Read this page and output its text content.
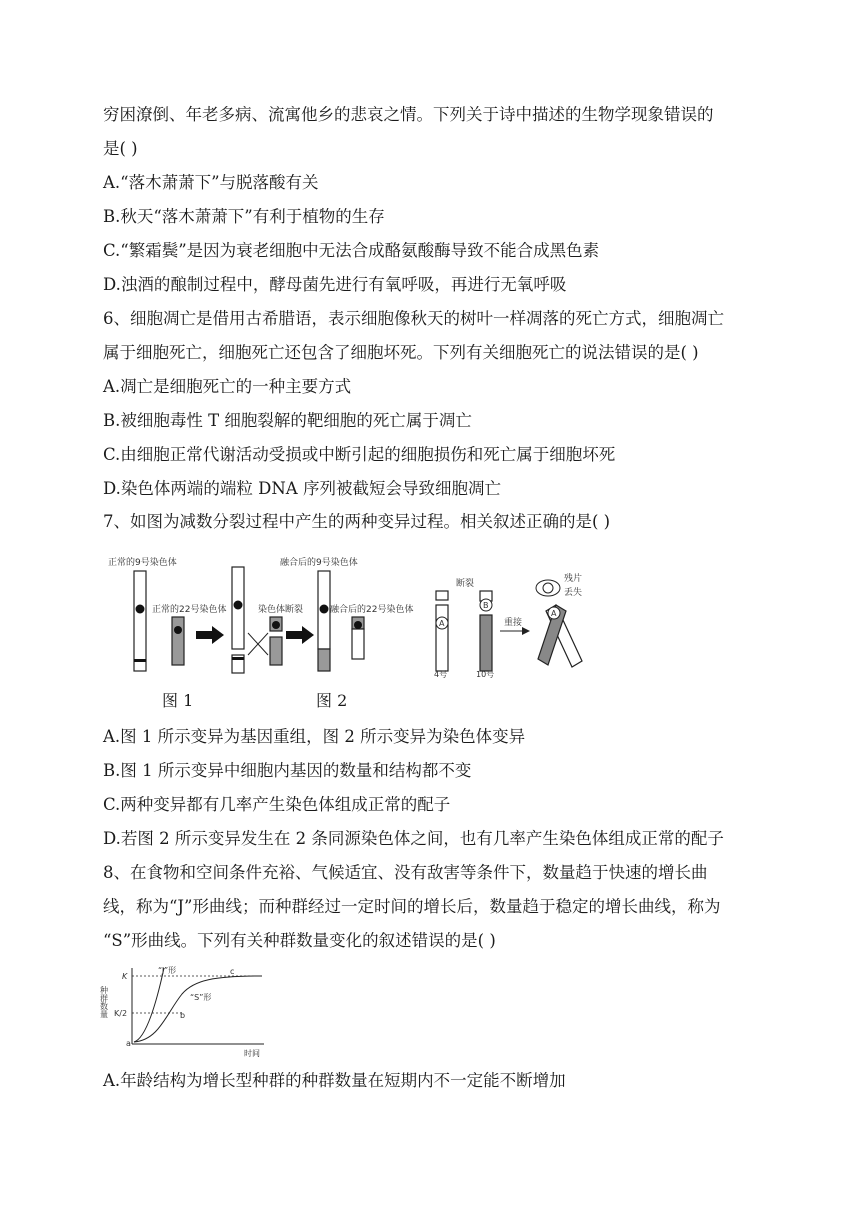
穷困潦倒、年老多病、流寓他乡的悲哀之情。下列关于诗中描述的生物学现象错误的
是( )
A.“落木萧萧下”与脱落酸有关
B.秋天“落木萧萧下”有利于植物的生存
C.“繁霜鬓”是因为衰老细胞中无法合成酪氨酸酶导致不能合成黑色素
D.浊酒的酿制过程中，酵母菌先进行有氧呼吸，再进行无氧呼吸
6、细胞凋亡是借用古希腊语，表示细胞像秋天的树叶一样凋落的死亡方式，细胞凋亡
属于细胞死亡，细胞死亡还包含了细胞坏死。下列有关细胞死亡的说法错误的是( )
A.凋亡是细胞死亡的一种主要方式
B.被细胞毒性 T 细胞裂解的靶细胞的死亡属于凋亡
C.由细胞正常代谢活动受损或中断引起的细胞损伤和死亡属于细胞坏死
D.染色体两端的端粒 DNA 序列被截短会导致细胞凋亡
7、如图为减数分裂过程中产生的两种变异过程。相关叙述正确的是( )
正常的9号染色体
正常的22号染色体	染色体断裂
融合后的9号染色体
融合后的22号染色体
A
4号
断裂
B
10号
重接
残片
丢失
A
图 1	图 2
A.图 1 所示变异为基因重组，图 2 所示变异为染色体变异
B.图 1 所示变异中细胞内基因的数量和结构都不变
C.两种变异都有几率产生染色体组成正常的配子
D.若图 2 所示变异发生在 2 条同源染色体之间，也有几率产生染色体组成正常的配子
8、在食物和空间条件充裕、气候适宜、没有敌害等条件下，数量趋于快速的增长曲
线，称为“J”形曲线；而种群经过一定时间的增长后，数量趋于稳定的增长曲线，称为
“S”形曲线。下列有关种群数量变化的叙述错误的是( )
种群数量
时间
K
K/2
“J”形
“S”形
a
b
c
A.年龄结构为增长型种群的种群数量在短期内不一定能不断增加
